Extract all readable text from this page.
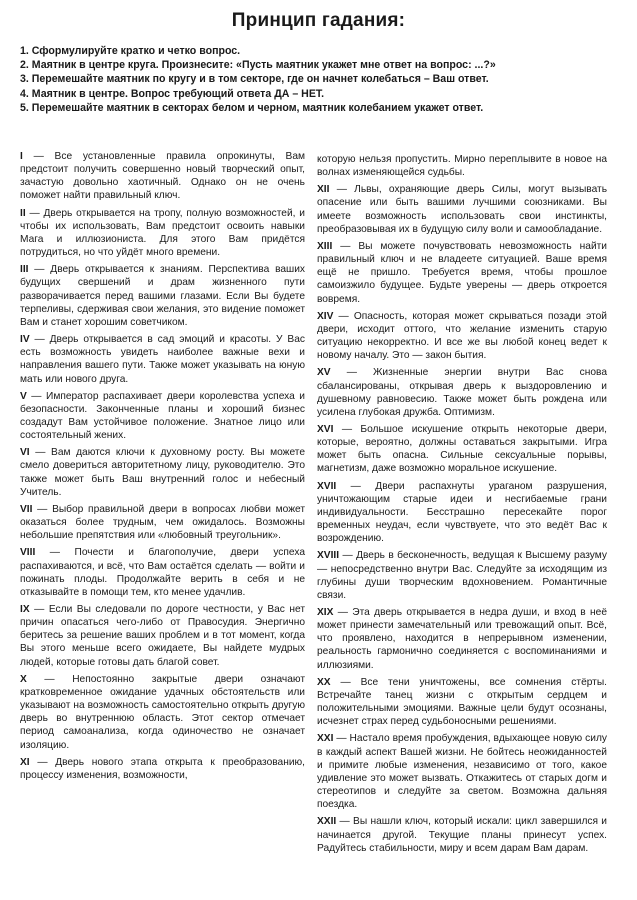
Принцип гадания:
1. Сформулируйте кратко и четко вопрос.
2. Маятник в центре круга. Произнесите: «Пусть маятник укажет мне ответ на вопрос: ...?»
3. Перемешайте маятник по кругу и в том секторе, где он начнет колебаться – Ваш ответ.
4. Маятник в центре. Вопрос требующий ответа ДА – НЕТ.
5. Перемешайте маятник в секторах белом и черном, маятник колебанием укажет ответ.

I — Все установленные правила опрокинуты, Вам предстоит получить совершенно новый творческий опыт, зачастую довольно хаотичный. Однако он не очень поможет найти правильный ключ.

II — Дверь открывается на тропу, полную возможностей, и чтобы их использовать, Вам предстоит освоить навыки Мага и иллюзиониста. Для этого Вам придётся потрудиться, но что уйдёт много времени.

III — Дверь открывается к знаниям. Перспектива ваших будущих свершений и драм жизненного пути разворачивается перед вашими глазами. Если Вы будете терпеливы, сдерживая свои желания, это видение поможет Вам и станет хорошим советчиком.

IV — Дверь открывается в сад эмоций и красоты. У Вас есть возможность увидеть наиболее важные вехи и направления вашего пути. Также может указывать на юную мать или нового друга.

V — Император распахивает двери королевства успеха и безопасности. Законченные планы и хороший бизнес создадут Вам устойчивое положение. Знатное лицо или состоятельный жених.

VI — Вам даются ключи к духовному росту. Вы можете смело довериться авторитетному лицу, руководителю. Это также может быть Ваш внутренний голос и небесный Учитель.

VII — Выбор правильной двери в вопросах любви может оказаться более трудным, чем ожидалось. Возможны небольшие препятствия или «любовный треугольник».

VIII — Почести и благополучие, двери успеха распахиваются, и всё, что Вам остаётся сделать — войти и пожинать плоды. Продолжайте верить в себя и не отказывайте в помощи тем, кто менее удачлив.

IX — Если Вы следовали по дороге честности, у Вас нет причин опасаться чего-либо от Правосудия. Энергично беритесь за решение ваших проблем и в тот момент, когда Вы этого меньше всего ожидаете, Вы найдете мудрых людей, которые готовы дать благой совет.

X — Непостоянно закрытые двери означают кратковременное ожидание удачных обстоятельств или указывают на возможность самостоятельно открыть другую дверь во внутреннюю область. Этот сектор отмечает период самоанализа, когда одиночество не означает изоляцию.

XI — Дверь нового этапа открыта к преобразованию, процессу изменения, возможности,

которую нельзя пропустить. Мирно переплывите в новое на волнах изменяющейся судьбы.

XII — Львы, охраняющие дверь Силы, могут вызывать опасение или быть вашими лучшими союзниками. Вы имеете возможность использовать свои инстинкты, преобразовывая их в будущую силу воли и самообладание.

XIII — Вы можете почувствовать невозможность найти правильный ключ и не владеете ситуацией. Ваше время ещё не пришло. Требуется время, чтобы прошлое самоизжило будущее. Будьте уверены — дверь откроется вовремя.

XIV — Опасность, которая может скрываться позади этой двери, исходит оттого, что желание изменить старую ситуацию некорректно. И все же вы любой конец ведет к новому началу. Это — закон бытия.

XV — Жизненные энергии внутри Вас снова сбалансированы, открывая дверь к выздоровлению и душевному равновесию. Также может быть рождена или усилена глубокая дружба. Оптимизм.

XVI — Большое искушение открыть некоторые двери, которые, вероятно, должны оставаться закрытыми. Игра может быть опасна. Сильные сексуальные порывы, магнетизм, даже возможно моральное искушение.

XVII — Двери распахнуты ураганом разрушения, уничтожающим старые идеи и несгибаемые грани индивидуальности. Бесстрашно пересекайте порог временных неудач, если чувствуете, что это ведёт Вас к возрождению.

XVIII — Дверь в бесконечность, ведущая к Высшему разуму — непосредственно внутри Вас. Следуйте за исходящим из глубины души творческим вдохновением. Романтичные связи.

XIX — Эта дверь открывается в недра души, и вход в неё может принести замечательный или тревожащий опыт. Всё, что проявлено, находится в непрерывном изменении, реальность гармонично соединяется с воспоминаниями и иллюзиями.

XX — Все тени уничтожены, все сомнения стёрты. Встречайте танец жизни с открытым сердцем и положительными эмоциями. Важные цели будут осознаны, исчезнет страх перед судьбоносными решениями.

XXI — Настало время пробуждения, вдыхающее новую силу в каждый аспект Вашей жизни. Не бойтесь неожиданностей и примите любые изменения, независимо от того, какое удивление это может вызвать. Откажитесь от старых догм и стереотипов и следуйте за светом. Возможна дальняя поездка.

XXII — Вы нашли ключ, который искали: цикл завершился и начинается другой. Текущие планы принесут успех. Радуйтесь стабильности, миру и всем дарам Вам дарам.
